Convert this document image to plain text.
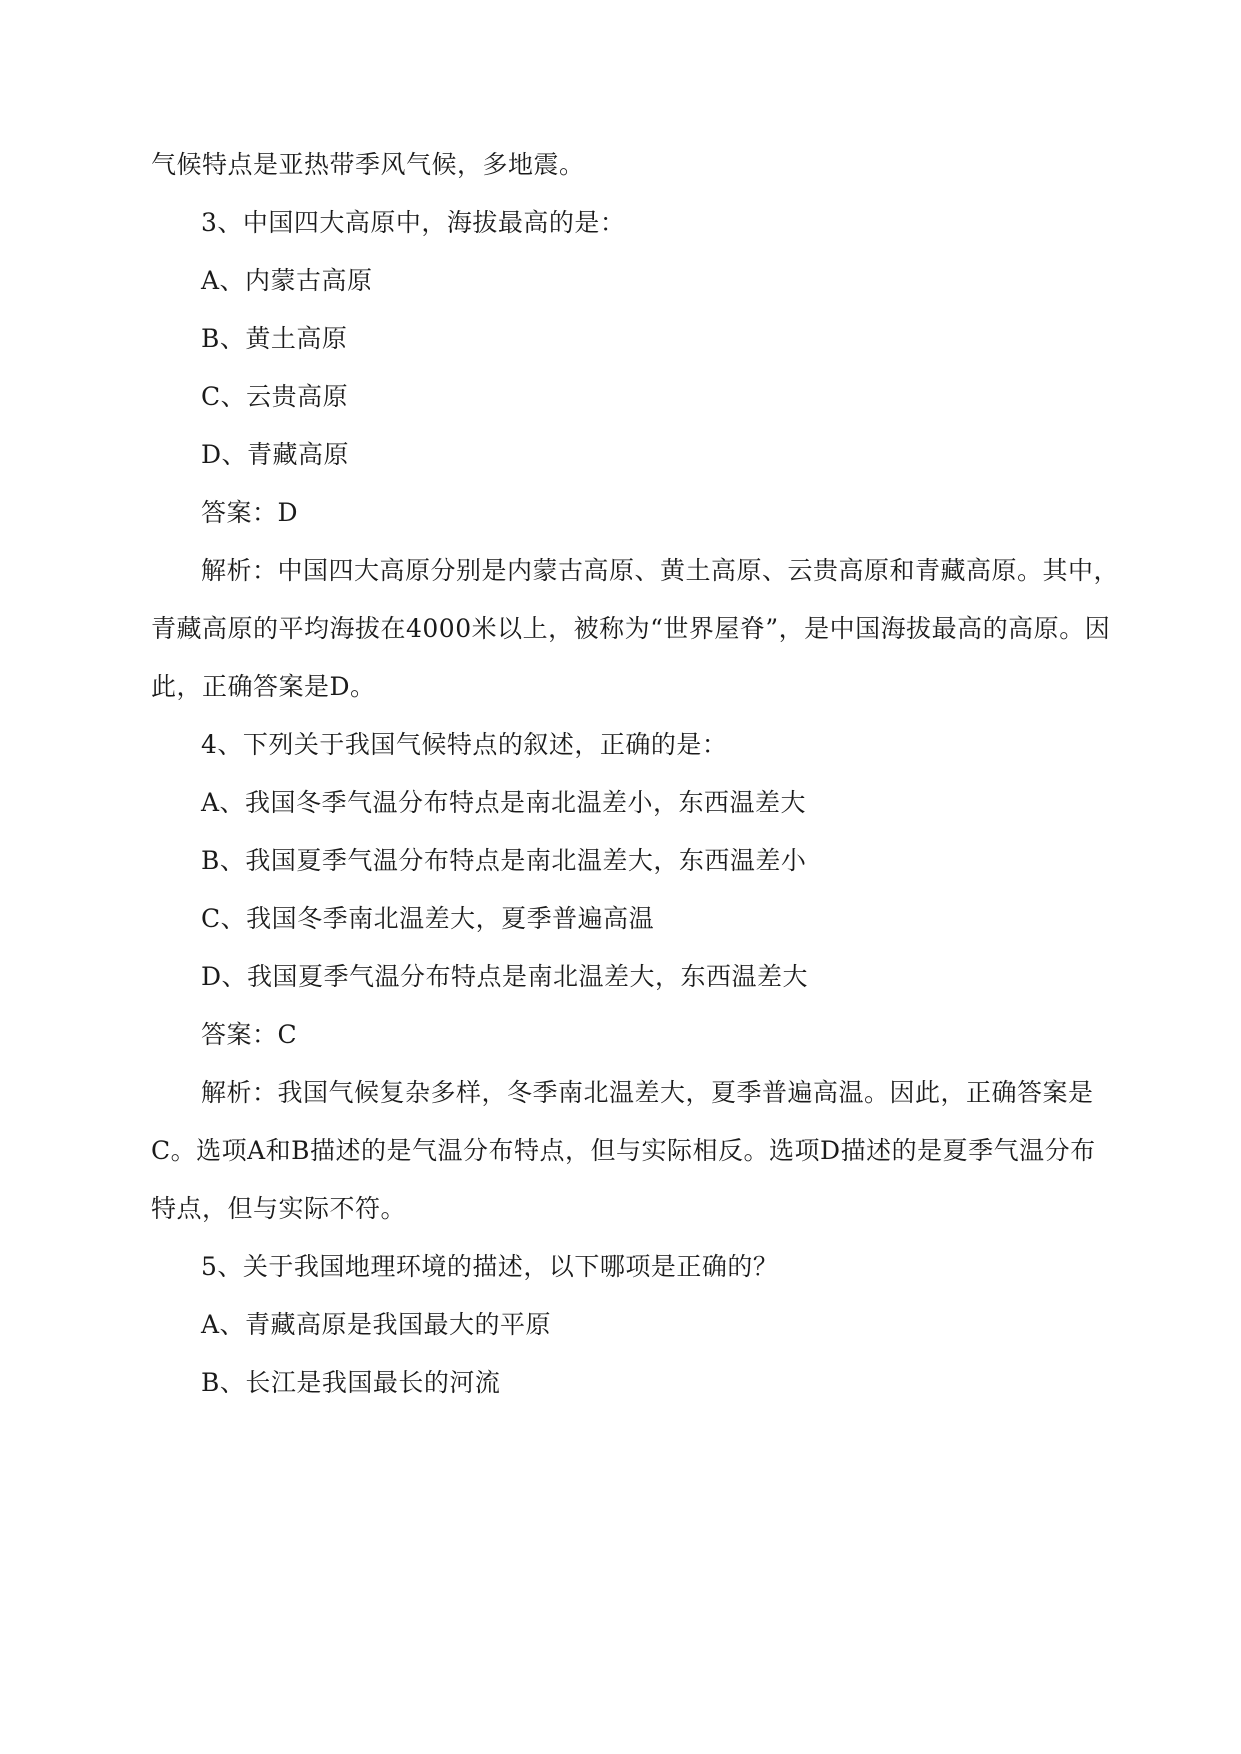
气候特点是亚热带季风气候，多地震。
3、中国四大高原中，海拔最高的是：
A、内蒙古高原
B、黄土高原
C、云贵高原
D、青藏高原
答案：D
解析：中国四大高原分别是内蒙古高原、黄土高原、云贵高原和青藏高原。其中，
青藏高原的平均海拔在4000米以上，被称为“世界屋脊”，是中国海拔最高的高原。因
此，正确答案是D。
4、下列关于我国气候特点的叙述，正确的是：
A、我国冬季气温分布特点是南北温差小，东西温差大
B、我国夏季气温分布特点是南北温差大，东西温差小
C、我国冬季南北温差大，夏季普遍高温
D、我国夏季气温分布特点是南北温差大，东西温差大
答案：C
解析：我国气候复杂多样，冬季南北温差大，夏季普遍高温。因此，正确答案是
C。选项A和B描述的是气温分布特点，但与实际相反。选项D描述的是夏季气温分布
特点，但与实际不符。
5、关于我国地理环境的描述，以下哪项是正确的？
A、青藏高原是我国最大的平原
B、长江是我国最长的河流
